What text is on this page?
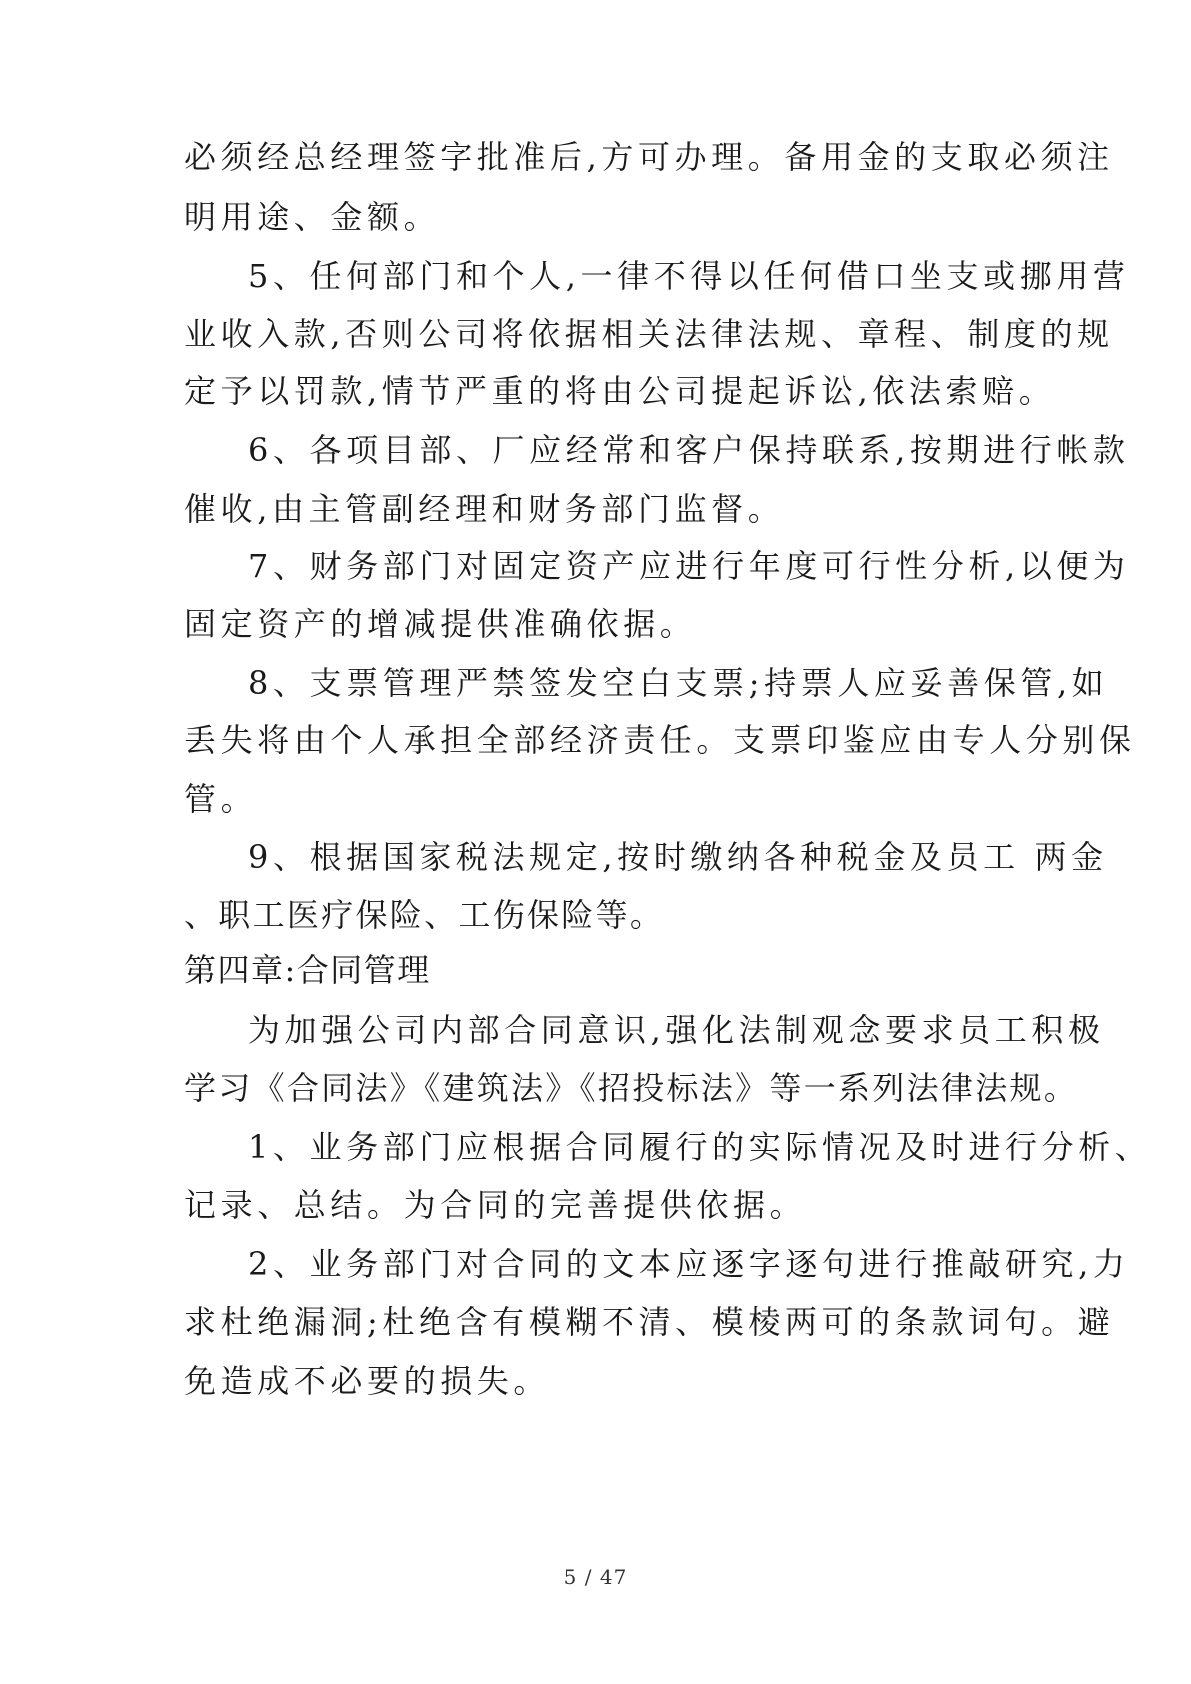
必须经总经理签字批准后,方可办理。备用金的支取必须注
明用途、金额。
5、任何部门和个人,一律不得以任何借口坐支或挪用营
业收入款,否则公司将依据相关法律法规、章程、制度的规
定予以罚款,情节严重的将由公司提起诉讼,依法索赔。
6、各项目部、厂应经常和客户保持联系,按期进行帐款
催收,由主管副经理和财务部门监督。
7、财务部门对固定资产应进行年度可行性分析,以便为
固定资产的增减提供准确依据。
8、支票管理严禁签发空白支票;持票人应妥善保管,如
丢失将由个人承担全部经济责任。支票印鉴应由专人分别保
管。
9、根据国家税法规定,按时缴纳各种税金及员工 两金
、职工医疗保险、工伤保险等。
第四章:合同管理
为加强公司内部合同意识,强化法制观念要求员工积极
学习《合同法》《建筑法》《招投标法》等一系列法律法规。
1、业务部门应根据合同履行的实际情况及时进行分析、
记录、总结。为合同的完善提供依据。
2、业务部门对合同的文本应逐字逐句进行推敲研究,力
求杜绝漏洞;杜绝含有模糊不清、模棱两可的条款词句。避
免造成不必要的损失。
5 / 47
